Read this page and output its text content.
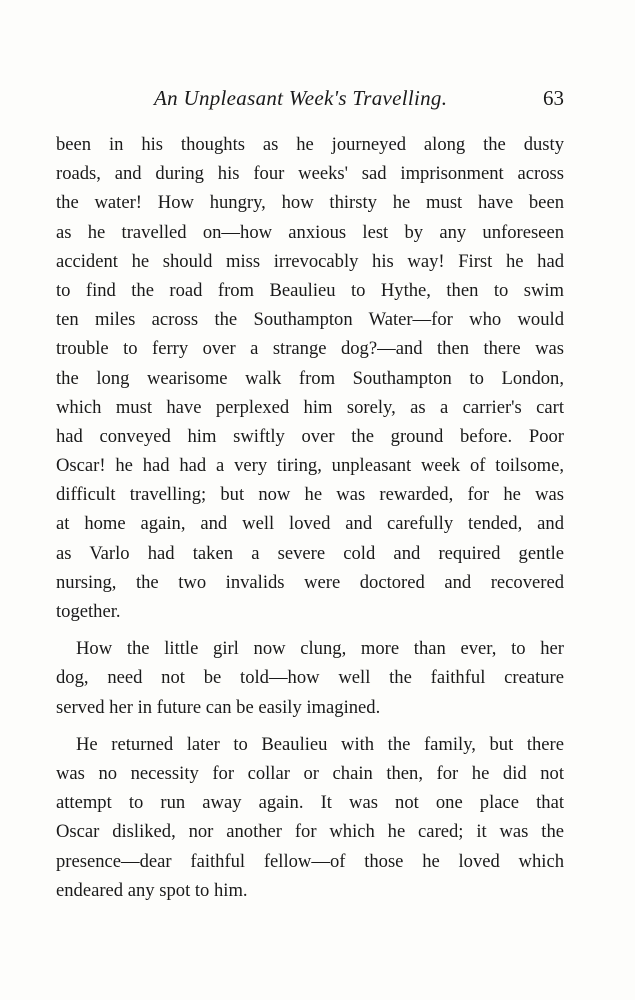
An Unpleasant Week's Travelling.	63
been in his thoughts as he journeyed along the dusty
roads, and during his four weeks' sad imprisonment across
the water! How hungry, how thirsty he must have been
as he travelled on—how anxious lest by any unforeseen
accident he should miss irrevocably his way! First he had
to find the road from Beaulieu to Hythe, then to swim
ten miles across the Southampton Water—for who would
trouble to ferry over a strange dog?—and then there was
the long wearisome walk from Southampton to London,
which must have perplexed him sorely, as a carrier's cart
had conveyed him swiftly over the ground before. Poor
Oscar! he had had a very tiring, unpleasant week of toilsome,
difficult travelling; but now he was rewarded, for he was
at home again, and well loved and carefully tended, and
as Varlo had taken a severe cold and required gentle
nursing, the two invalids were doctored and recovered
together.
How the little girl now clung, more than ever, to her
dog, need not be told—how well the faithful creature
served her in future can be easily imagined.
He returned later to Beaulieu with the family, but there
was no necessity for collar or chain then, for he did not
attempt to run away again. It was not one place that
Oscar disliked, nor another for which he cared; it was the
presence—dear faithful fellow—of those he loved which
endeared any spot to him.
